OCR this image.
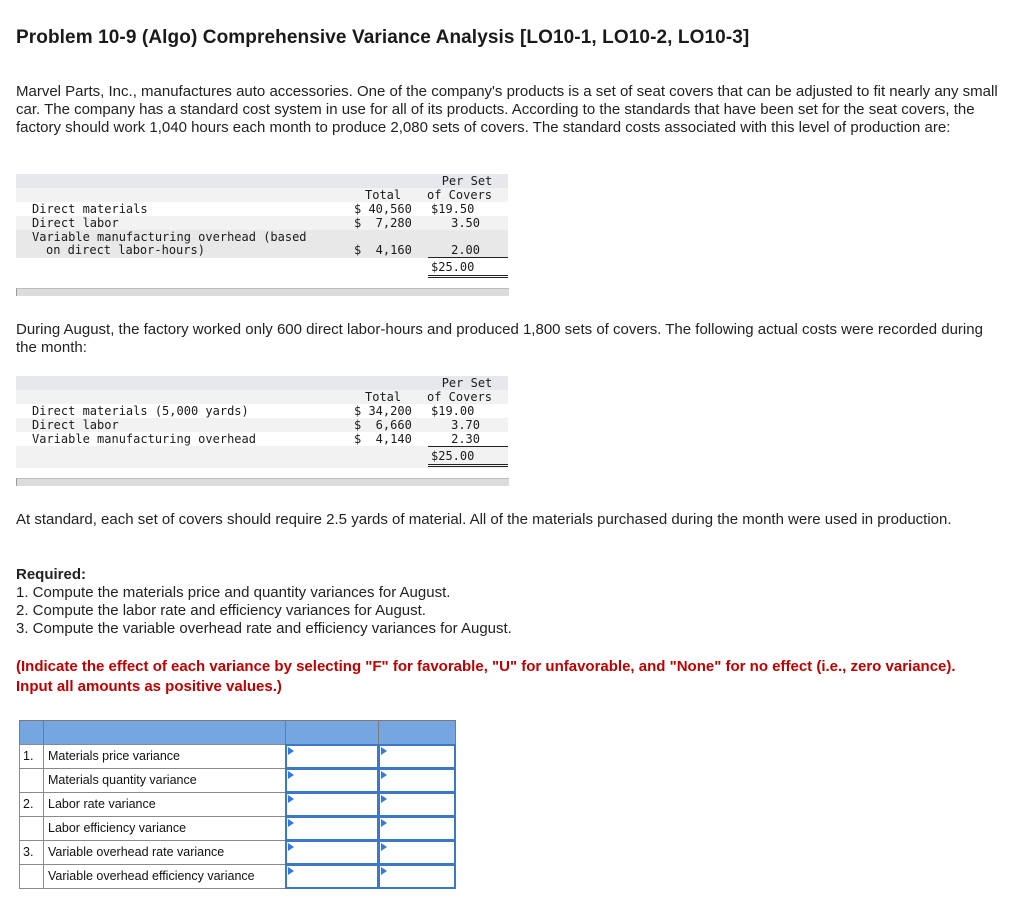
Problem 10-9 (Algo) Comprehensive Variance Analysis [LO10-1, LO10-2, LO10-3]

Marvel Parts, Inc., manufactures auto accessories. One of the company's products is a set of seat covers that can be adjusted to fit nearly any small car. The company has a standard cost system in use for all of its products. According to the standards that have been set for the seat covers, the factory should work 1,040 hours each month to produce 2,080 sets of covers. The standard costs associated with this level of production are:

Per Set
Total of Covers
Direct materials	$ 40,560 $19.50
Direct labor	$  7,280	3.50
Variable manufacturing overhead (based
on direct labor-hours)	$  4,160	2.00
$25.00

During August, the factory worked only 600 direct labor-hours and produced 1,800 sets of covers. The following actual costs were recorded during the month:

Per Set
Total of Covers
Direct materials (5,000 yards)	$ 34,200 $19.00
Direct labor	$  6,660	3.70
Variable manufacturing overhead	$  4,140	2.30
$25.00

At standard, each set of covers should require 2.5 yards of material. All of the materials purchased during the month were used in production.

Required:
1. Compute the materials price and quantity variances for August.
2. Compute the labor rate and efficiency variances for August.
3. Compute the variable overhead rate and efficiency variances for August.

(Indicate the effect of each variance by selecting "F" for favorable, "U" for unfavorable, and "None" for no effect (i.e., zero variance). Input all amounts as positive values.)

1.	Materials price variance
Materials quantity variance
2.	Labor rate variance
Labor efficiency variance
3.	Variable overhead rate variance
Variable overhead efficiency variance
